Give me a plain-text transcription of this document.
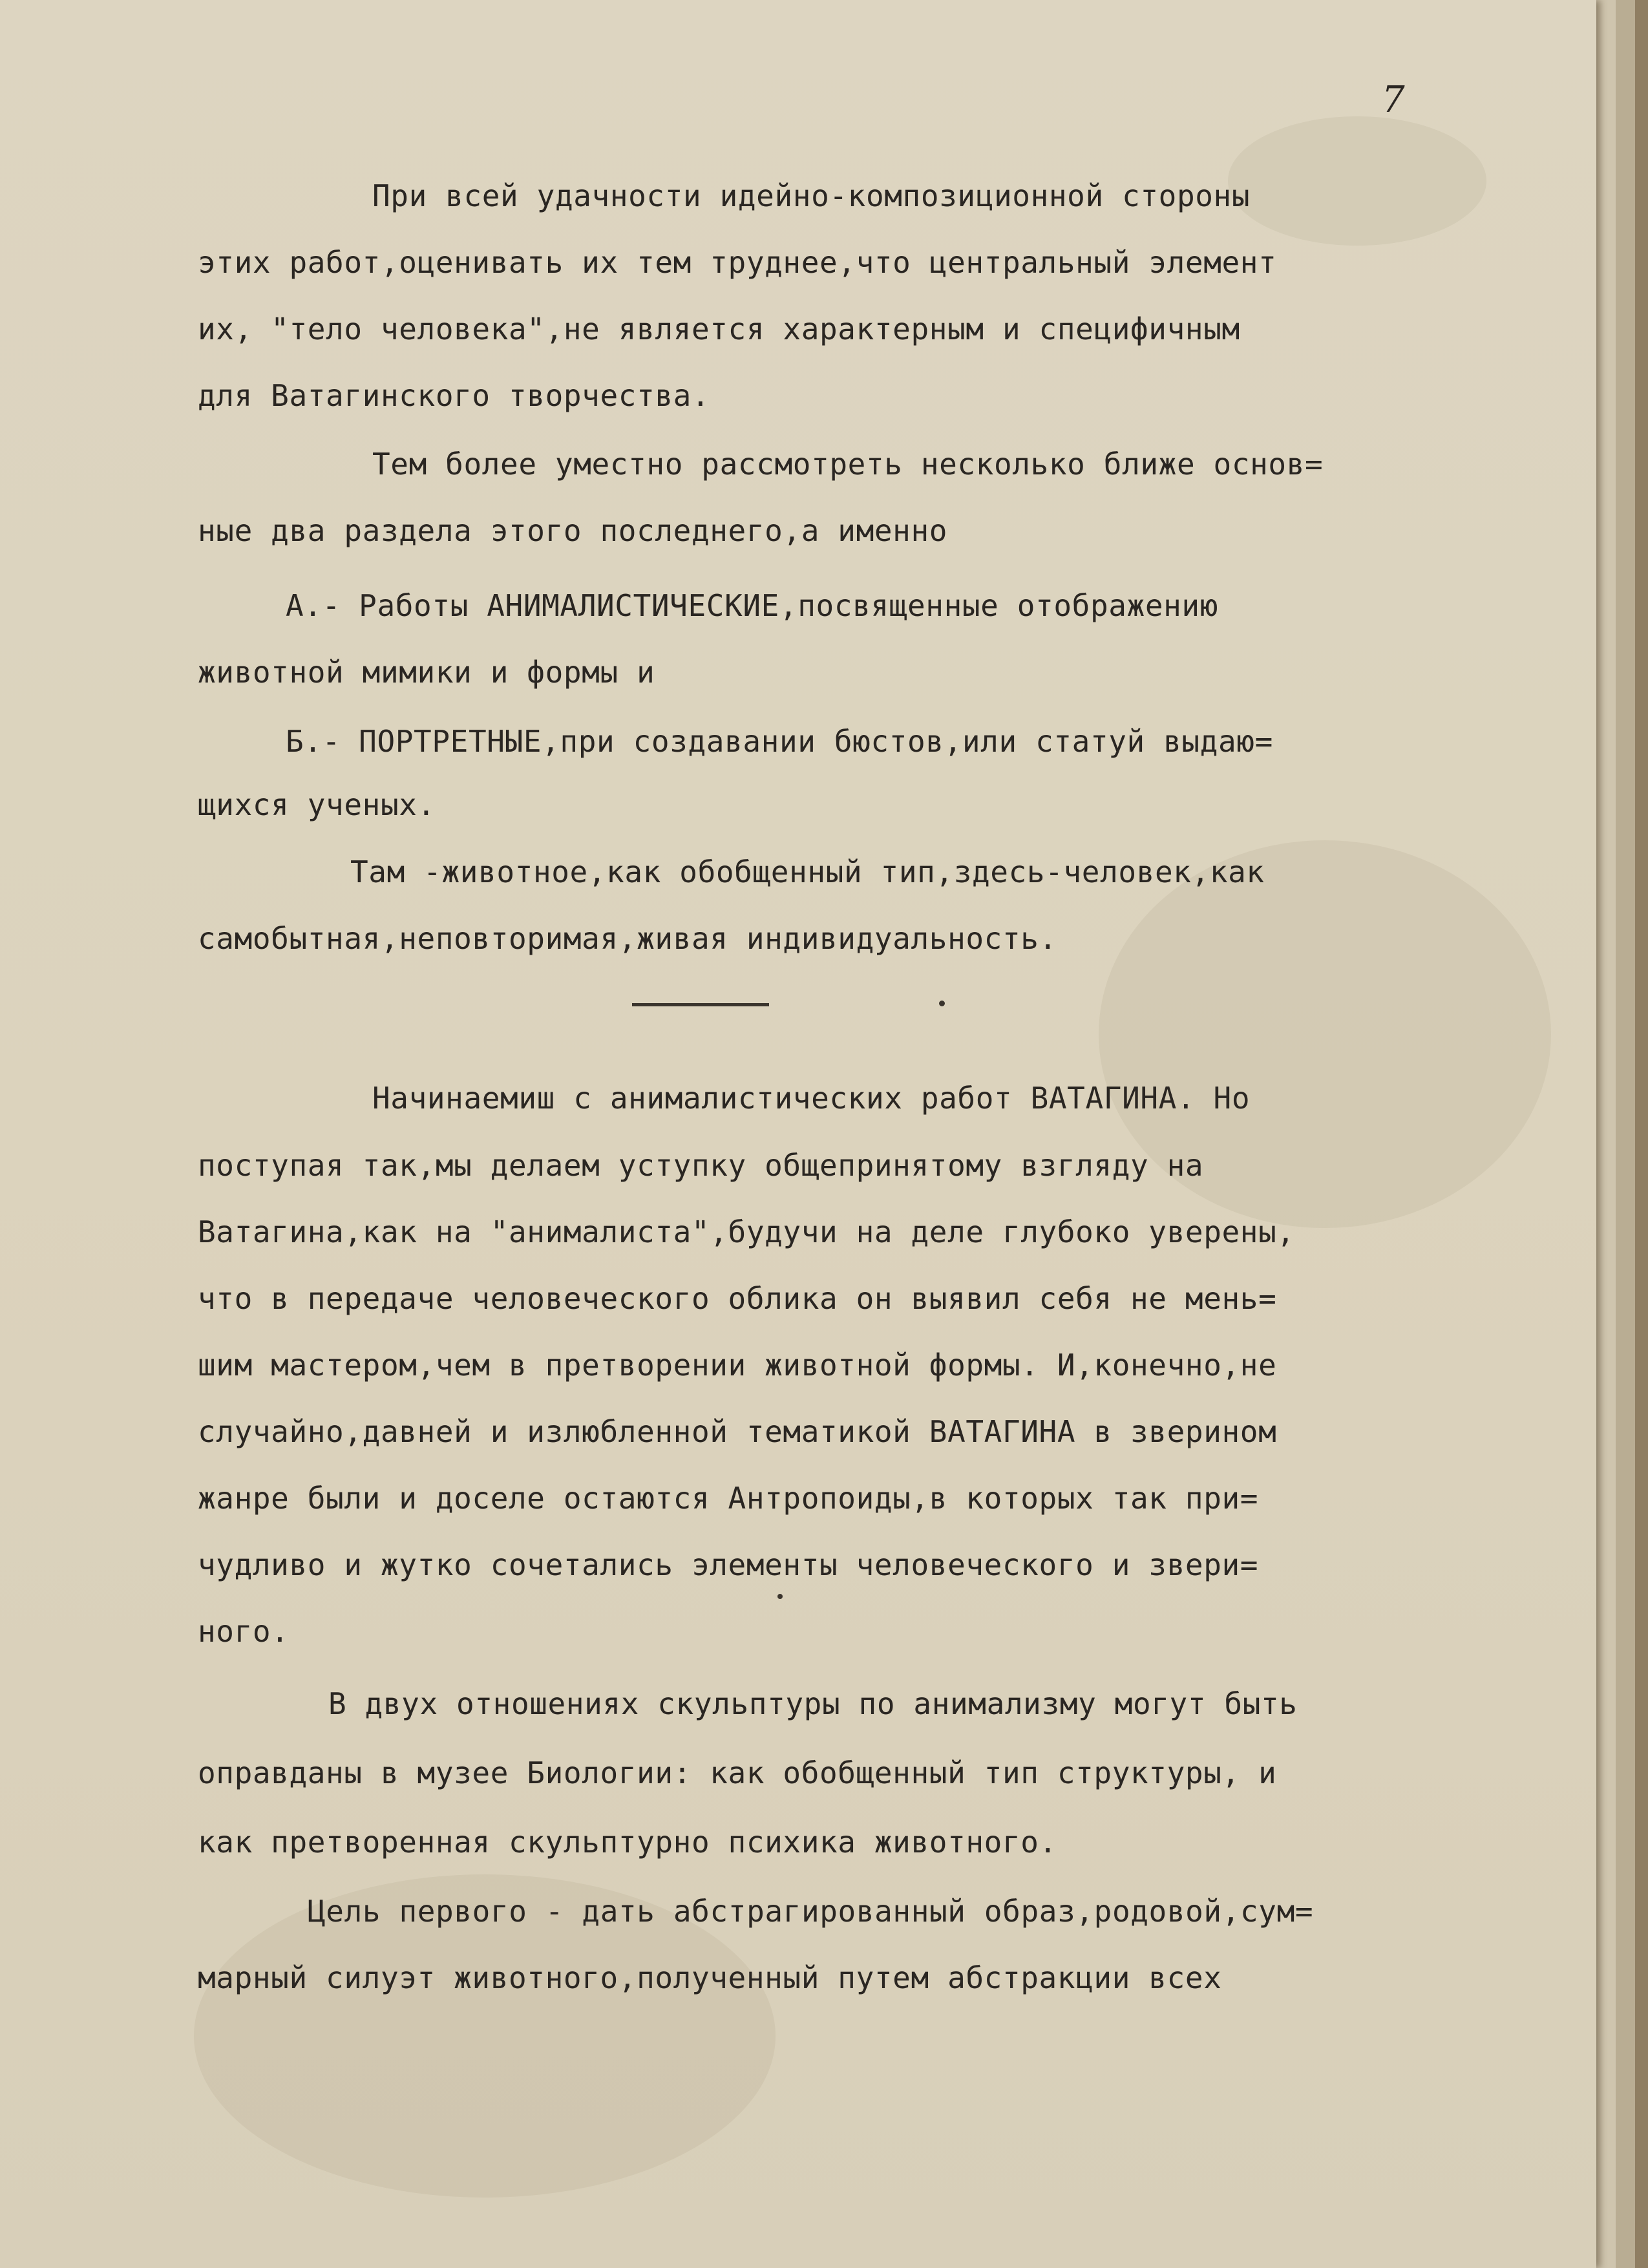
7
При всей удачности идейно-композиционной стороны
этих работ,оценивать их тем труднее,что центральный элемент
их, "тело человека",не является характерным и специфичным
для Ватагинского творчества.
Тем более уместно рассмотреть несколько ближе основ=
ные два раздела этого последнего,а именно
А.- Работы АНИМАЛИСТИЧЕСКИЕ,посвященные отображению
животной мимики и формы и
Б.- ПОРТРЕТНЫЕ,при создавании бюстов,или статуй выдаю=
щихся ученых.
Там -животное,как обобщенный тип,здесь-человек,как
самобытная,неповторимая,живая индивидуальность.
Начинаемиш с анималистических работ ВАТАГИНА. Но
поступая так,мы делаем уступку общепринятому взгляду на
Ватагина,как на "анималиста",будучи на деле глубоко уверены,
что в передаче человеческого облика он выявил себя не мень=
шим мастером,чем в претворении животной формы. И,конечно,не
случайно,давней и излюбленной тематикой ВАТАГИНА в зверином
жанре были и доселе остаются Антропоиды,в которых так при=
чудливо и жутко сочетались элементы человеческого и звери=
ного.
В двух отношениях скульптуры по анимализму могут быть
оправданы в музее Биологии: как обобщенный тип структуры, и
как претворенная скульптурно психика животного.
Цель первого - дать абстрагированный образ,родовой,сум=
марный силуэт животного,полученный путем абстракции всех
